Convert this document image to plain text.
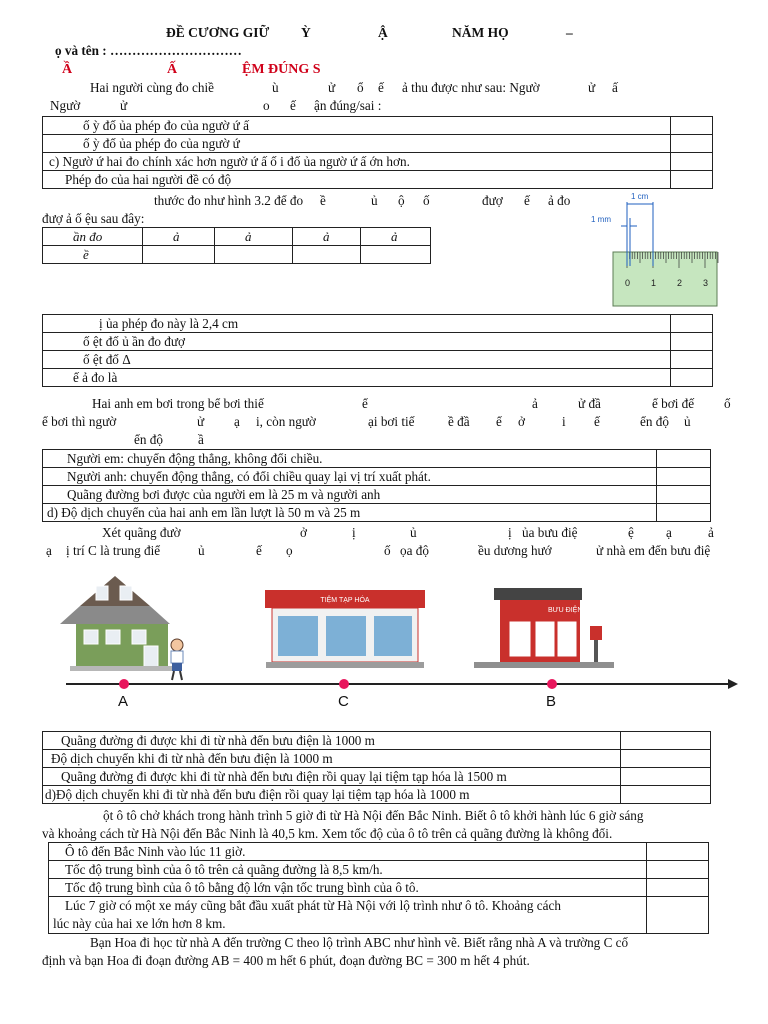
ĐỀ CƯƠNG GIỮ Ỳ	Ậ	NĂM HỌ	–
ọ và tên : …………………………
Ầ	Ấ	ỆM ĐÚNG S
Hai người cùng đo chiề	ù	ử ổ ế ả thu được như sau: Ngườ	ử ấ
Ngườ	ử	o ế ận đúng/sai :
ố ỳ đố ủa phép đo của ngườ ứ ấ	
ố ỳ đố ủa phép đo của ngườ ứ	
c) Ngườ ứ hai đo chính xác hơn ngườ ứ ấ ố i đố ủa ngườ ứ ấ ớn hơn.	
Phép đo của hai người đề có độ	
thước đo như hình 3.2 để đo ề	ủ ộ ố	đượ ế ả đo
đượ ả ố ệu sau đây:
ần đo	ả	ả	ả	ả
ề				
1 cm
1 mm
0 1 2 3
ị ủa phép đo này là 2,4 cm	
ố ệt đố ủ ần đo đượ	
ố ệt đố Δ	
ế ả đo là	
Hai anh em bơi trong bể bơi thiế	ể	ả	ử đầ	ể bơi đế ố
ể bơi thì ngườ	ử ạ i, còn ngườ	ại bơi tiế	ề đầ ể ở	i ế	ển độ ủ
ển độ	ầ
Người em: chuyển động thẳng, không đổi chiều.	
Người anh: chuyển động thẳng, có đổi chiều quay lại vị trí xuất phát.	
Quãng đường bơi được của người em là 25 m và người anh	
d) Độ dịch chuyển của hai anh em lần lượt là 50 m và 25 m	
Xét quãng đườ	ở	ị	ủ	ị ủa bưu điệ	ệ ạ	ả
ạ ị trí C là trung điể	ủ	ế ọ	ố ọa độ	ều dương hướ	ử nhà em đến bưu điệ
TIỆM TẠP HÓA
BƯU ĐIỆN
A	C	B
Quãng đường đi được khi đi từ nhà đến bưu điện là 1000 m	
Độ dịch chuyển khi đi từ nhà đến bưu điện là 1000 m	
Quãng đường đi được khi đi từ nhà đến bưu điện rồi quay lại tiệm tạp hóa là 1500 m	
d)Độ dịch chuyển khi đi từ nhà đến bưu điện rồi quay lại tiệm tạp hóa là 1000 m	
ột ô tô chở khách trong hành trình 5 giờ đi từ Hà Nội đến Bắc Ninh. Biết ô tô khởi hành lúc 6 giờ sáng
và khoảng cách từ Hà Nội đến Bắc Ninh là 40,5 km. Xem tốc độ của ô tô trên cả quãng đường là không đổi.
Ô tô đến Bắc Ninh vào lúc 11 giờ.	
Tốc độ trung bình của ô tô trên cả quãng đường là 8,5 km/h.	
Tốc độ trung bình của ô tô bằng độ lớn vận tốc trung bình của ô tô.	
Lúc 7 giờ có một xe máy cũng bắt đầu xuất phát từ Hà Nội với lộ trình như ô tô. Khoảng cách
lúc này của hai xe lớn hơn 8 km.	
Bạn Hoa đi học từ nhà A đến trường C theo lộ trình ABC như hình vẽ. Biết rằng nhà A và trường C cố
định và bạn Hoa đi đoạn đường AB = 400 m hết 6 phút, đoạn đường BC = 300 m hết 4 phút.
